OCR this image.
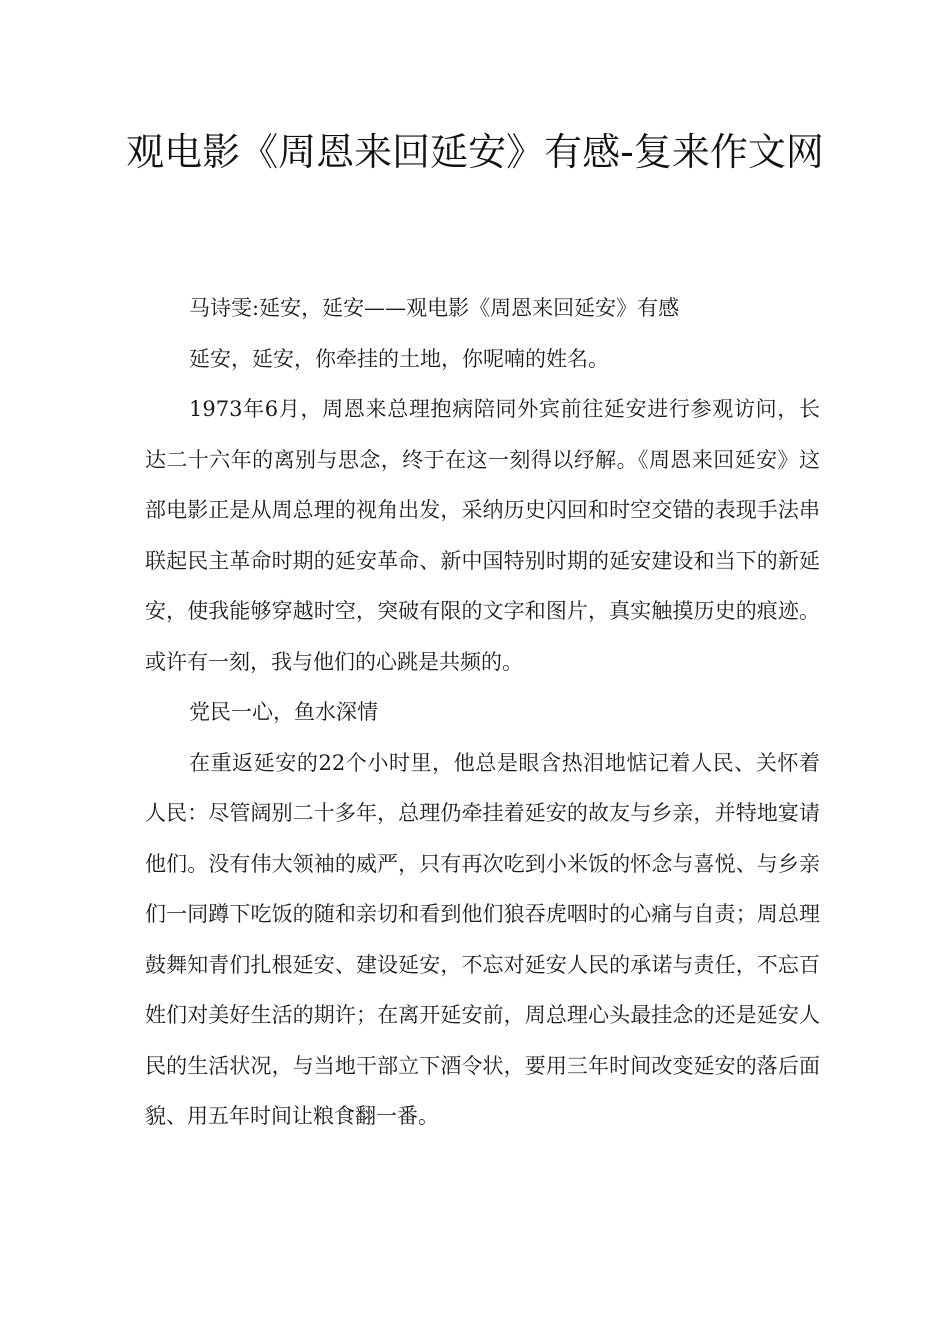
观电影《周恩来回延安》有感-复来作文网

马诗雯:延安，延安——观电影《周恩来回延安》有感

延安，延安，你牵挂的土地，你呢喃的姓名。

1973年6月，周恩来总理抱病陪同外宾前往延安进行参观访问，长达二十六年的离别与思念，终于在这一刻得以纾解。《周恩来回延安》这部电影正是从周总理的视角出发，采纳历史闪回和时空交错的表现手法串联起民主革命时期的延安革命、新中国特别时期的延安建设和当下的新延安，使我能够穿越时空，突破有限的文字和图片，真实触摸历史的痕迹。或许有一刻，我与他们的心跳是共频的。

党民一心，鱼水深情

在重返延安的22个小时里，他总是眼含热泪地惦记着人民、关怀着人民：尽管阔别二十多年，总理仍牵挂着延安的故友与乡亲，并特地宴请他们。没有伟大领袖的威严，只有再次吃到小米饭的怀念与喜悦、与乡亲们一同蹲下吃饭的随和亲切和看到他们狼吞虎咽时的心痛与自责；周总理鼓舞知青们扎根延安、建设延安，不忘对延安人民的承诺与责任，不忘百姓们对美好生活的期许；在离开延安前，周总理心头最挂念的还是延安人民的生活状况，与当地干部立下酒令状，要用三年时间改变延安的落后面貌、用五年时间让粮食翻一番。
